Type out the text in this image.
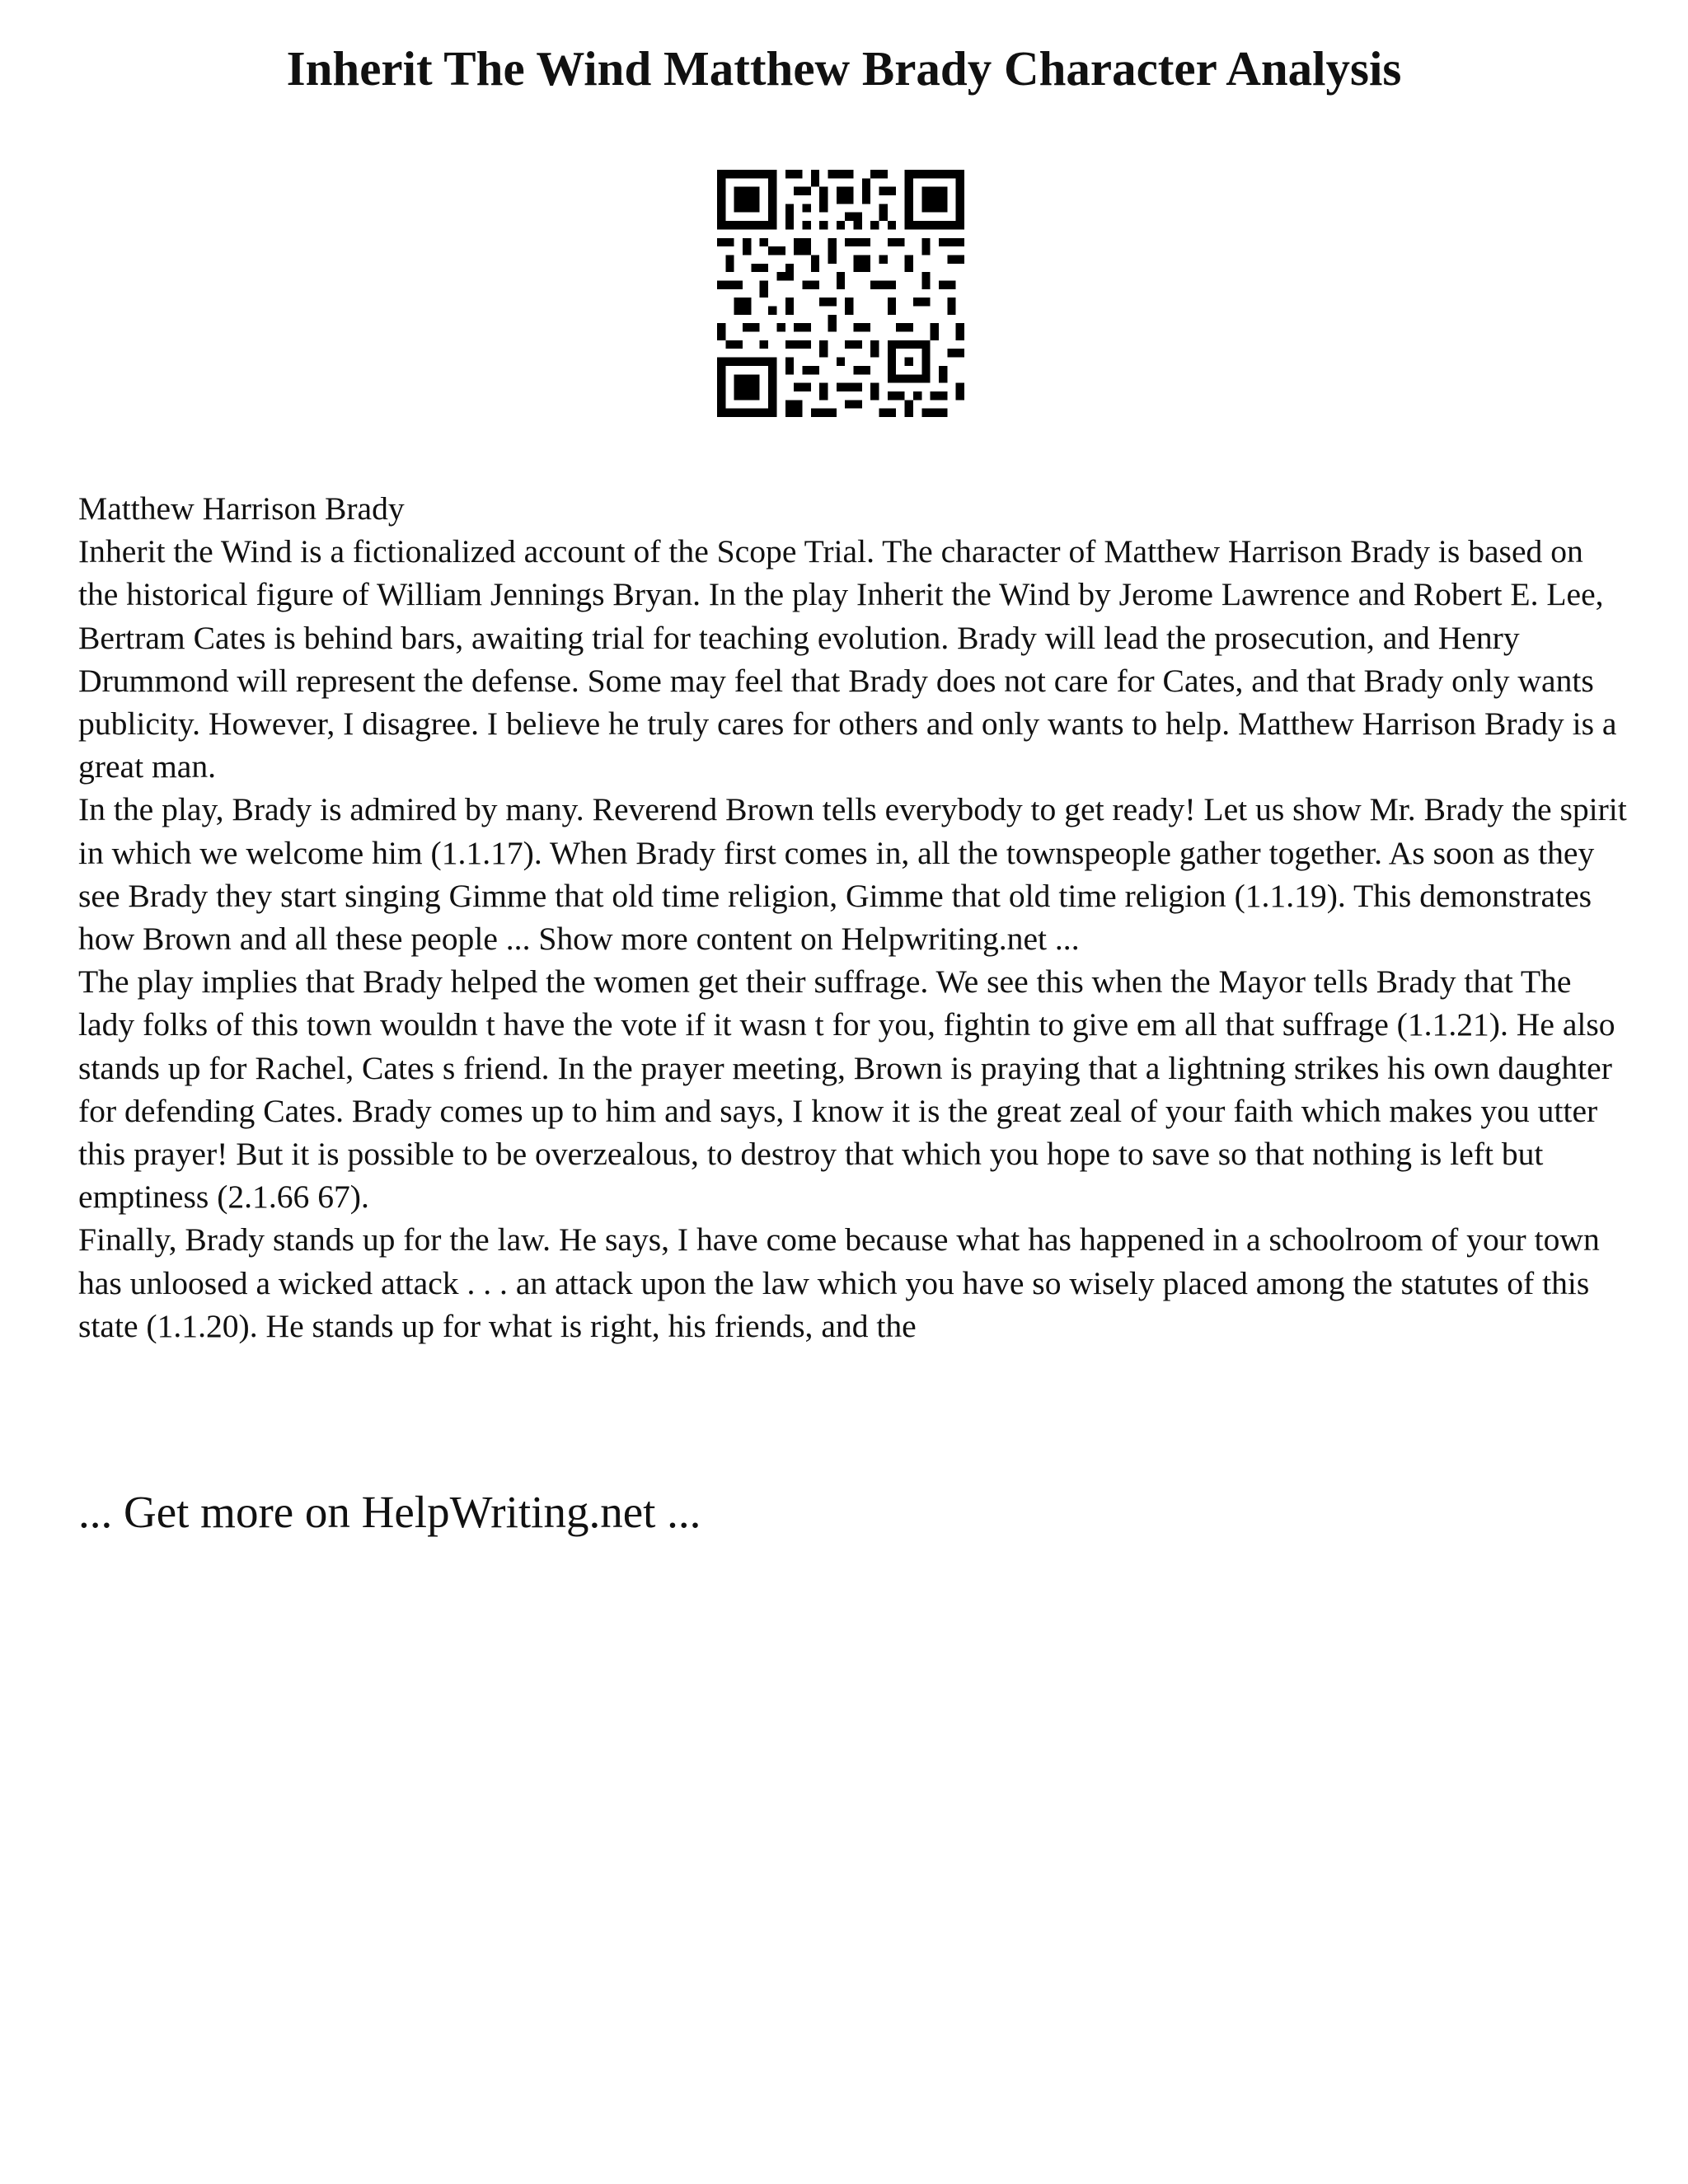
Inherit The Wind Matthew Brady Character Analysis

Matthew Harrison Brady

Inherit the Wind is a fictionalized account of the Scope Trial. The character of Matthew Harrison Brady is based on the historical figure of William Jennings Bryan. In the play Inherit the Wind by Jerome Lawrence and Robert E. Lee, Bertram Cates is behind bars, awaiting trial for teaching evolution. Brady will lead the prosecution, and Henry Drummond will represent the defense. Some may feel that Brady does not care for Cates, and that Brady only wants publicity. However, I disagree. I believe he truly cares for others and only wants to help. Matthew Harrison Brady is a great man.

In the play, Brady is admired by many. Reverend Brown tells everybody to get ready! Let us show Mr. Brady the spirit in which we welcome him (1.1.17). When Brady first comes in, all the townspeople gather together. As soon as they see Brady they start singing Gimme that old time religion, Gimme that old time religion (1.1.19). This demonstrates how Brown and all these people ... Show more content on Helpwriting.net ...

The play implies that Brady helped the women get their suffrage. We see this when the Mayor tells Brady that The lady folks of this town wouldn t have the vote if it wasn t for you, fightin to give em all that suffrage (1.1.21). He also stands up for Rachel, Cates s friend. In the prayer meeting, Brown is praying that a lightning strikes his own daughter for defending Cates. Brady comes up to him and says, I know it is the great zeal of your faith which makes you utter this prayer! But it is possible to be overzealous, to destroy that which you hope to save so that nothing is left but emptiness (2.1.66 67).

Finally, Brady stands up for the law. He says, I have come because what has happened in a schoolroom of your town has unloosed a wicked attack . . . an attack upon the law which you have so wisely placed among the statutes of this state (1.1.20). He stands up for what is right, his friends, and the

... Get more on HelpWriting.net ...
